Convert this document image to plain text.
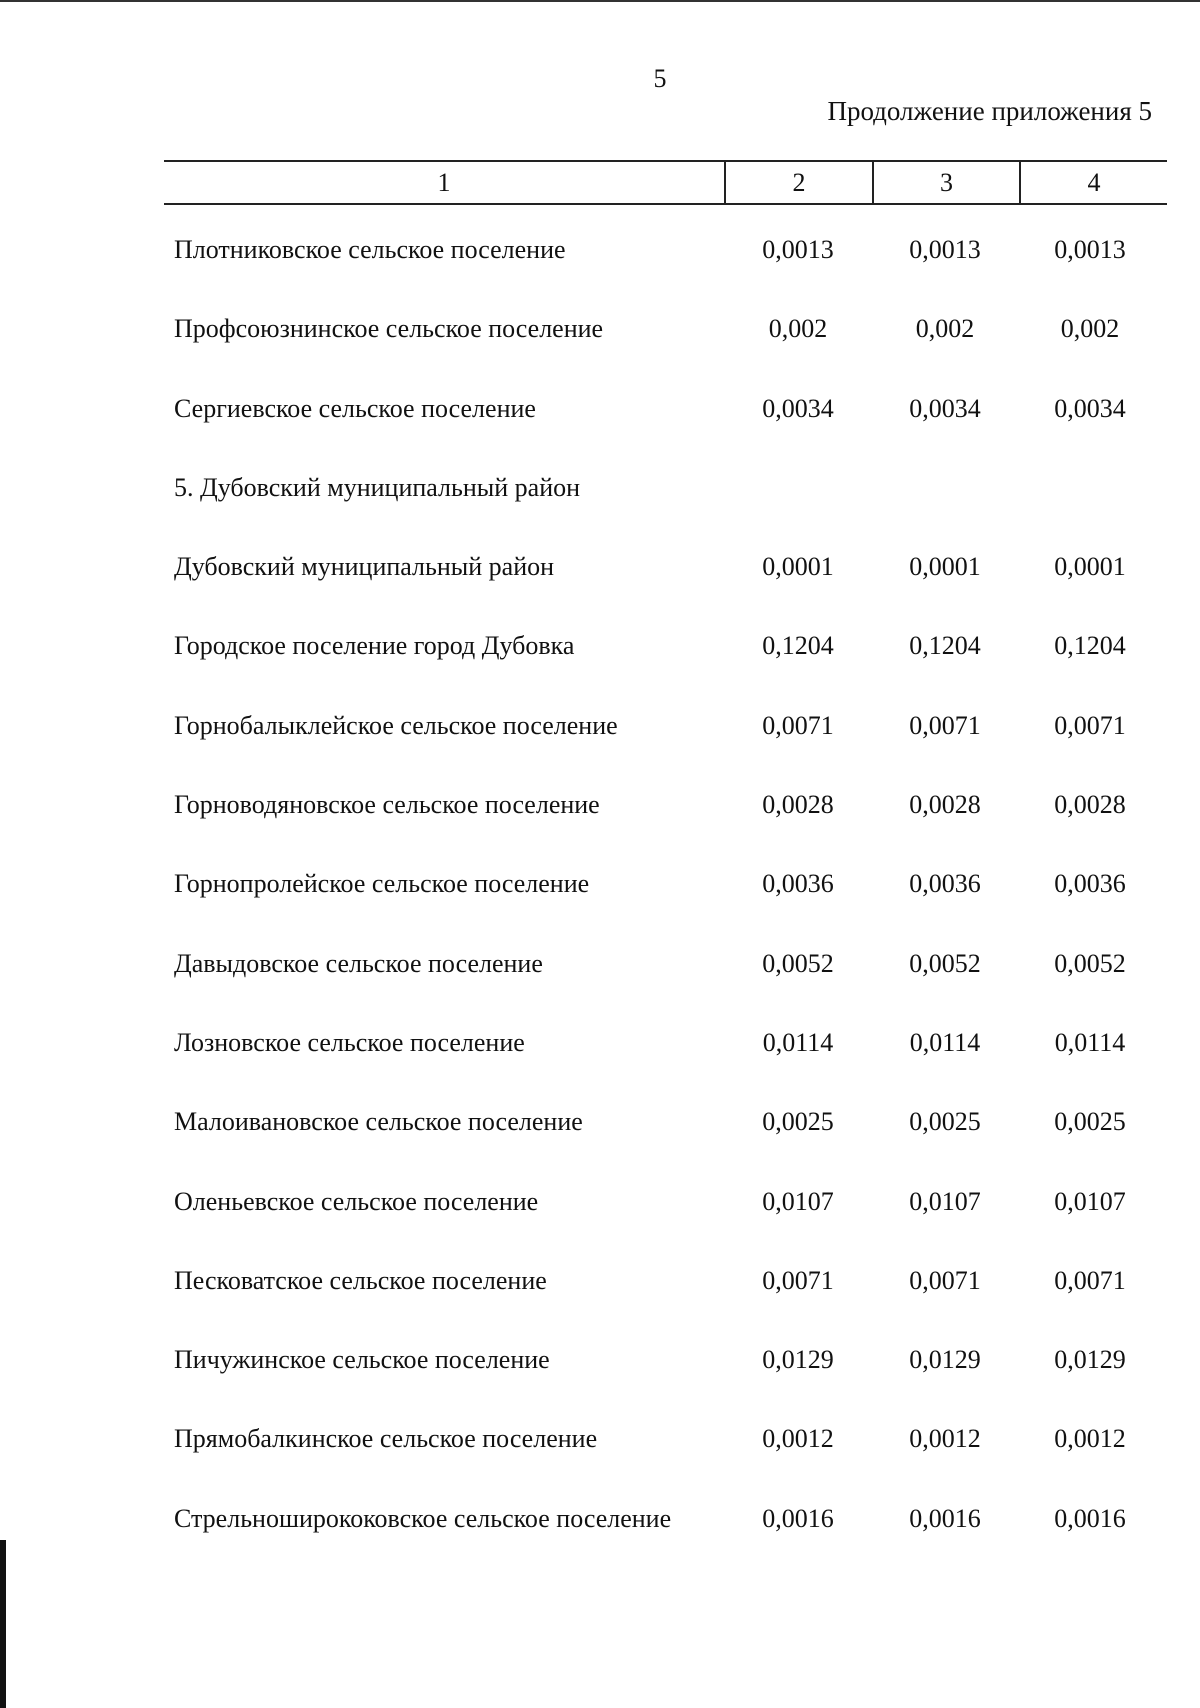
5
Продолжение приложения 5
1	2	3	4
Плотниковское сельское поселение	0,0013	0,0013	0,0013
Профсоюзнинское сельское поселение	0,002	0,002	0,002
Сергиевское сельское поселение	0,0034	0,0034	0,0034
5. Дубовский муниципальный район
Дубовский муниципальный район	0,0001	0,0001	0,0001
Городское поселение город Дубовка	0,1204	0,1204	0,1204
Горнобалыклейское сельское поселение	0,0071	0,0071	0,0071
Горноводяновское сельское поселение	0,0028	0,0028	0,0028
Горнопролейское сельское поселение	0,0036	0,0036	0,0036
Давыдовское сельское поселение	0,0052	0,0052	0,0052
Лозновское сельское поселение	0,0114	0,0114	0,0114
Малоивановское сельское поселение	0,0025	0,0025	0,0025
Оленьевское сельское поселение	0,0107	0,0107	0,0107
Песковатское сельское поселение	0,0071	0,0071	0,0071
Пичужинское сельское поселение	0,0129	0,0129	0,0129
Прямобалкинское сельское поселение	0,0012	0,0012	0,0012
Стрельноширококовское сельское поселение	0,0016	0,0016	0,0016
